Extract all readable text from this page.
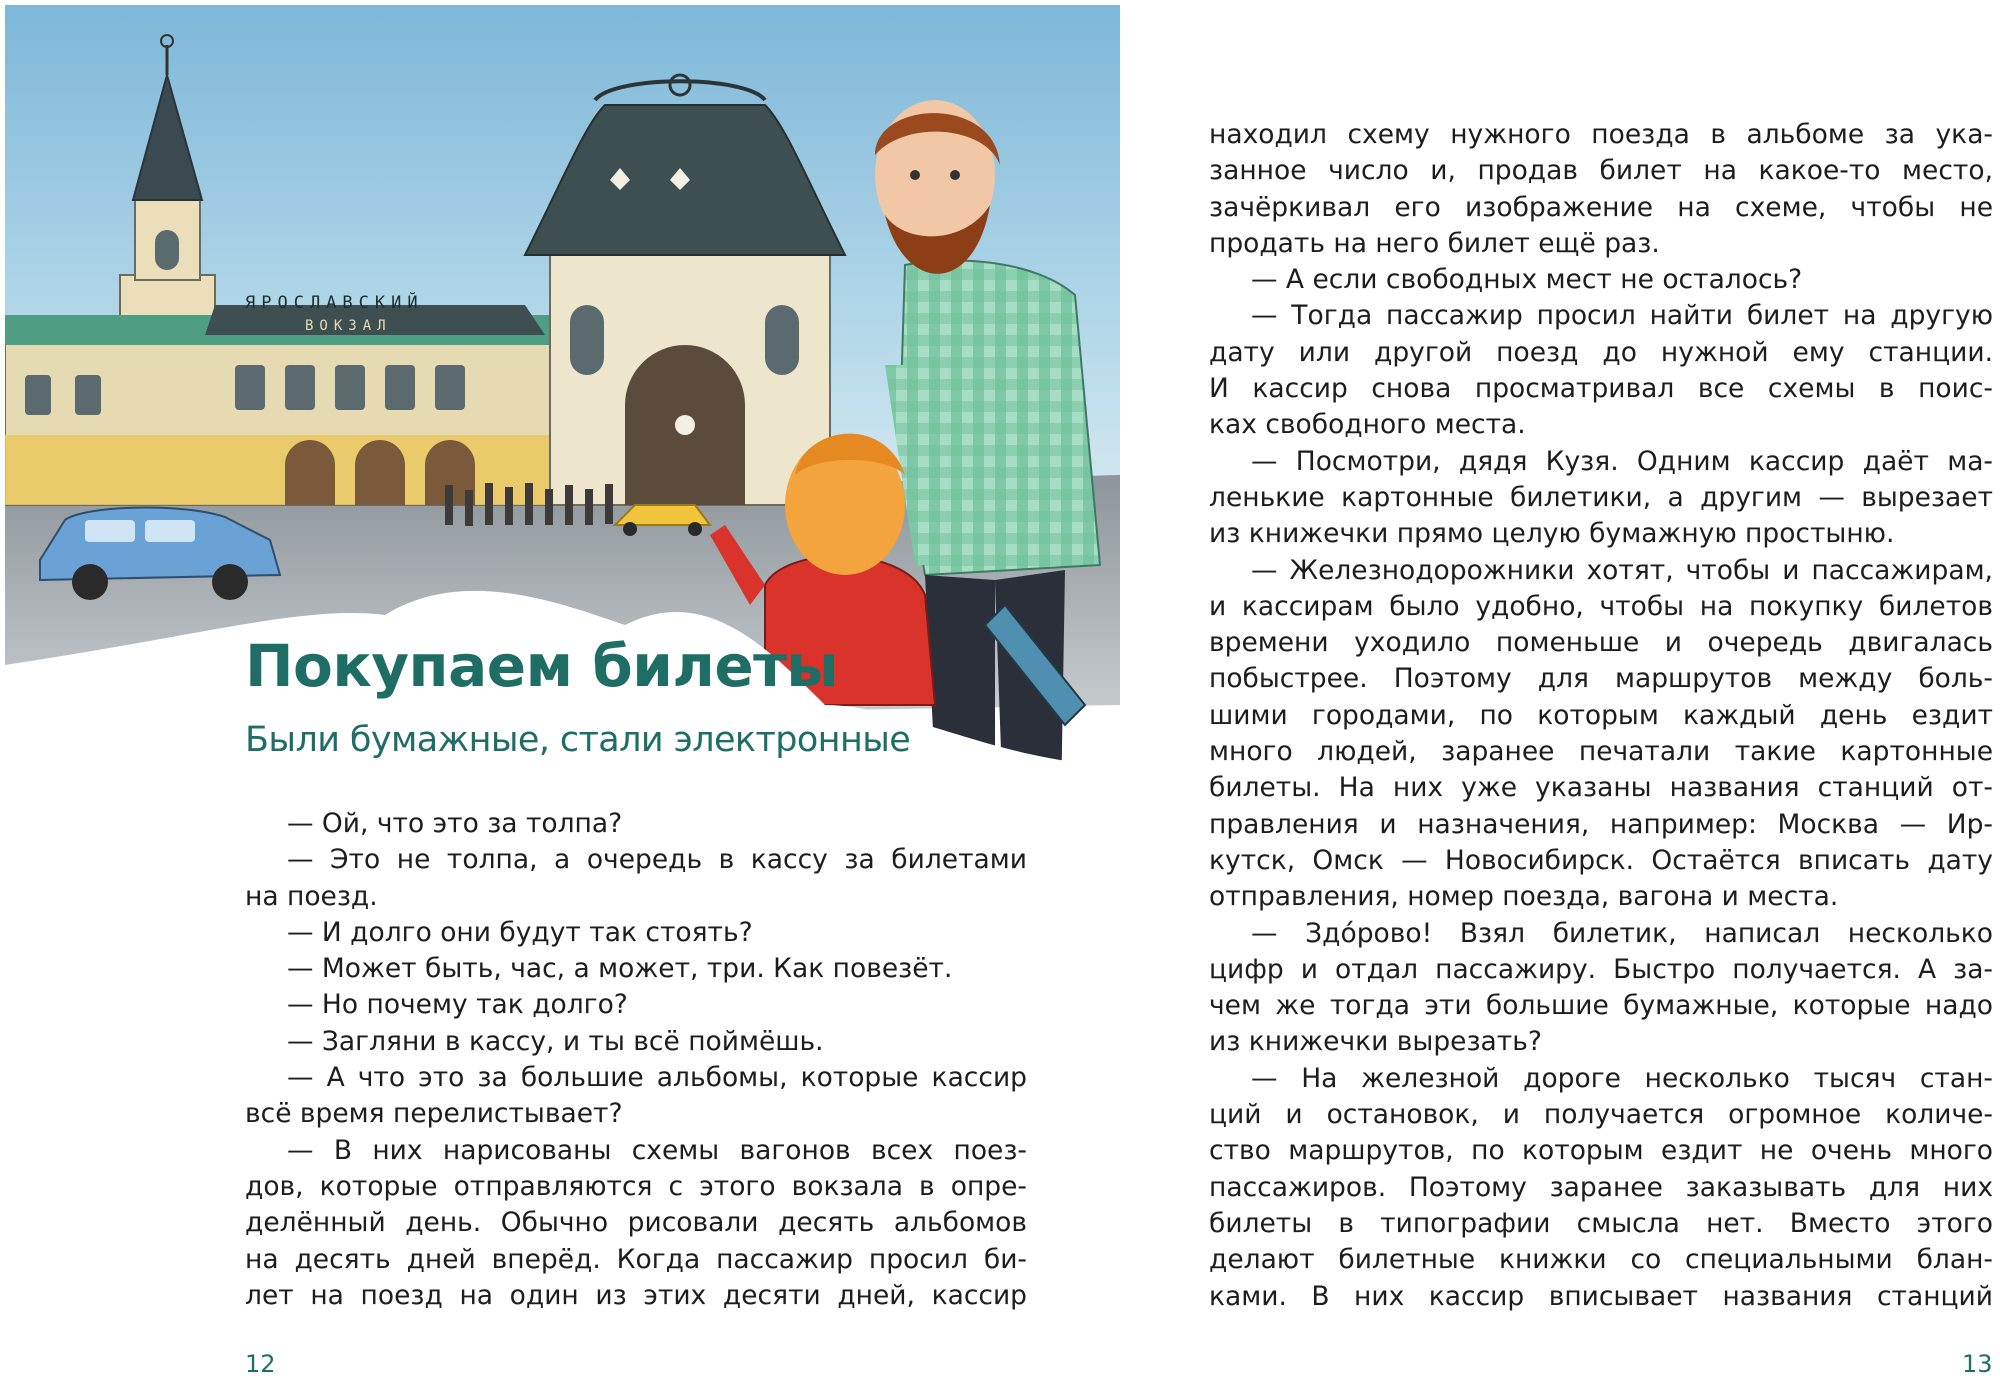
ЯРОСЛАВСКИЙ
ВОКЗАЛ
Покупаем билеты
Были бумажные, стали электронные
— Ой, что это за толпа?
— Это не толпа, а очередь в кассу за билетами
на поезд.
— И долго они будут так стоять?
— Может быть, час, а может, три. Как повезёт.
— Но почему так долго?
— Загляни в кассу, и ты всё поймёшь.
— А что это за большие альбомы, которые кассир
всё время перелистывает?
— В них нарисованы схемы вагонов всех поез-
дов, которые отправляются с этого вокзала в опре-
делённый день. Обычно рисовали десять альбомов
на десять дней вперёд. Когда пассажир просил би-
лет на поезд на один из этих десяти дней, кассир
12
находил схему нужного поезда в альбоме за ука-
занное число и, продав билет на какое-то место,
зачёркивал его изображение на схеме, чтобы не
продать на него билет ещё раз.
— А если свободных мест не осталось?
— Тогда пассажир просил найти билет на другую
дату или другой поезд до нужной ему станции.
И кассир снова просматривал все схемы в поис-
ках свободного места.
— Посмотри, дядя Кузя. Одним кассир даёт ма-
ленькие картонные билетики, а другим — вырезает
из книжечки прямо целую бумажную простыню.
— Железнодорожники хотят, чтобы и пассажирам,
и кассирам было удобно, чтобы на покупку билетов
времени уходило поменьше и очередь двигалась
побыстрее. Поэтому для маршрутов между боль-
шими городами, по которым каждый день ездит
много людей, заранее печатали такие картонные
билеты. На них уже указаны названия станций от-
правления и назначения, например: Москва — Ир-
кутск, Омск — Новосибирск. Остаётся вписать дату
отправления, номер поезда, вагона и места.
— Здóрово! Взял билетик, написал несколько
цифр и отдал пассажиру. Быстро получается. А за-
чем же тогда эти большие бумажные, которые надо
из книжечки вырезать?
— На железной дороге несколько тысяч стан-
ций и остановок, и получается огромное количе-
ство маршрутов, по которым ездит не очень много
пассажиров. Поэтому заранее заказывать для них
билеты в типографии смысла нет. Вместо этого
делают билетные книжки со специальными блан-
ками. В них кассир вписывает названия станций
13
